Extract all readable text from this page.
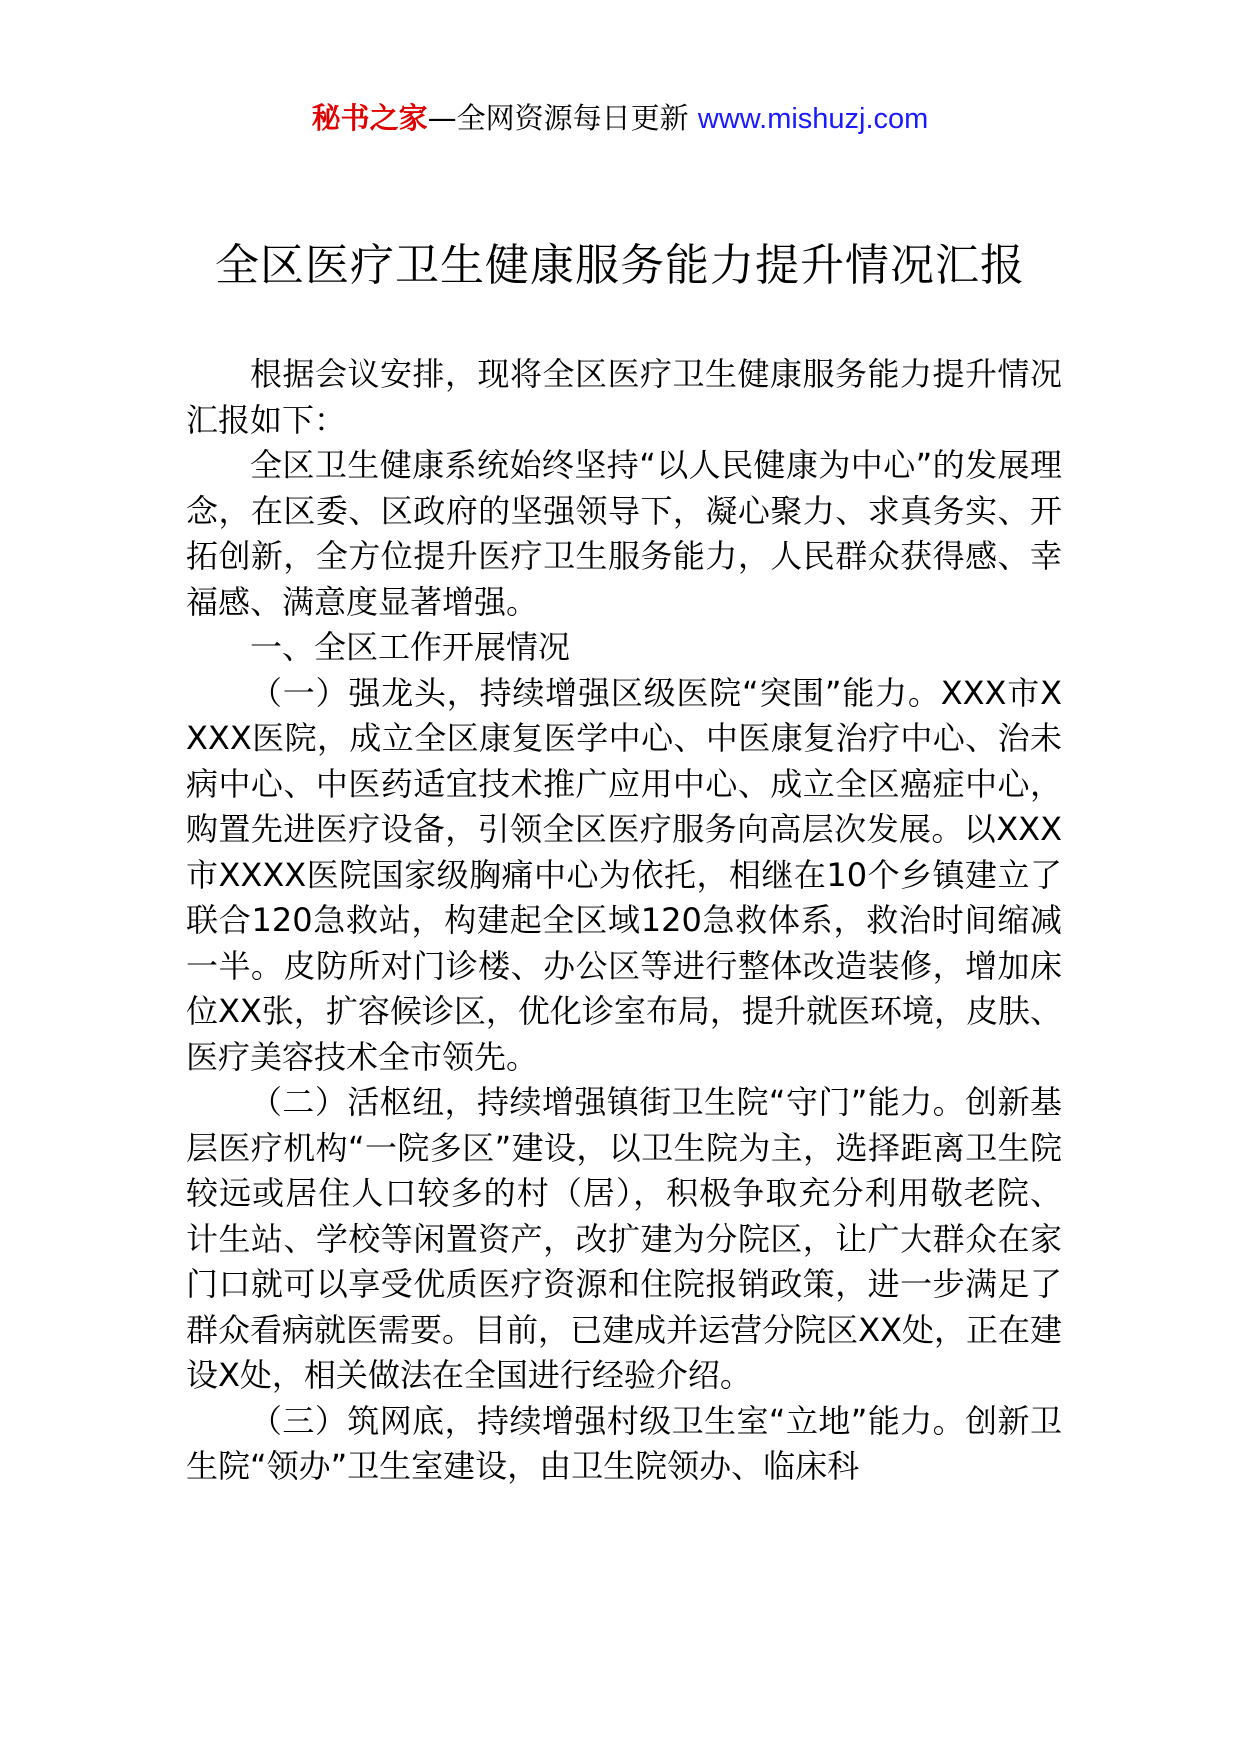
秘书之家—全网资源每日更新 www.mishuzj.com
全区医疗卫生健康服务能力提升情况汇报

根据会议安排，现将全区医疗卫生健康服务能力提升情况汇报如下：

全区卫生健康系统始终坚持“以人民健康为中心”的发展理念，在区委、区政府的坚强领导下，凝心聚力、求真务实、开拓创新，全方位提升医疗卫生服务能力，人民群众获得感、幸福感、满意度显著增强。

一、全区工作开展情况

（一）强龙头，持续增强区级医院“突围”能力。XXX市XXXX医院，成立全区康复医学中心、中医康复治疗中心、治未病中心、中医药适宜技术推广应用中心、成立全区癌症中心，购置先进医疗设备，引领全区医疗服务向高层次发展。以XXX市XXXX医院国家级胸痛中心为依托，相继在10个乡镇建立了联合120急救站，构建起全区域120急救体系，救治时间缩减一半。皮防所对门诊楼、办公区等进行整体改造装修，增加床位XX张，扩容候诊区，优化诊室布局，提升就医环境，皮肤、医疗美容技术全市领先。

（二）活枢纽，持续增强镇街卫生院“守门”能力。创新基层医疗机构“一院多区”建设，以卫生院为主，选择距离卫生院较远或居住人口较多的村（居），积极争取充分利用敬老院、计生站、学校等闲置资产，改扩建为分院区，让广大群众在家门口就可以享受优质医疗资源和住院报销政策，进一步满足了群众看病就医需要。目前，已建成并运营分院区XX处，正在建设X处，相关做法在全国进行经验介绍。

（三）筑网底，持续增强村级卫生室“立地”能力。创新卫生院“领办”卫生室建设，由卫生院领办、临床科
